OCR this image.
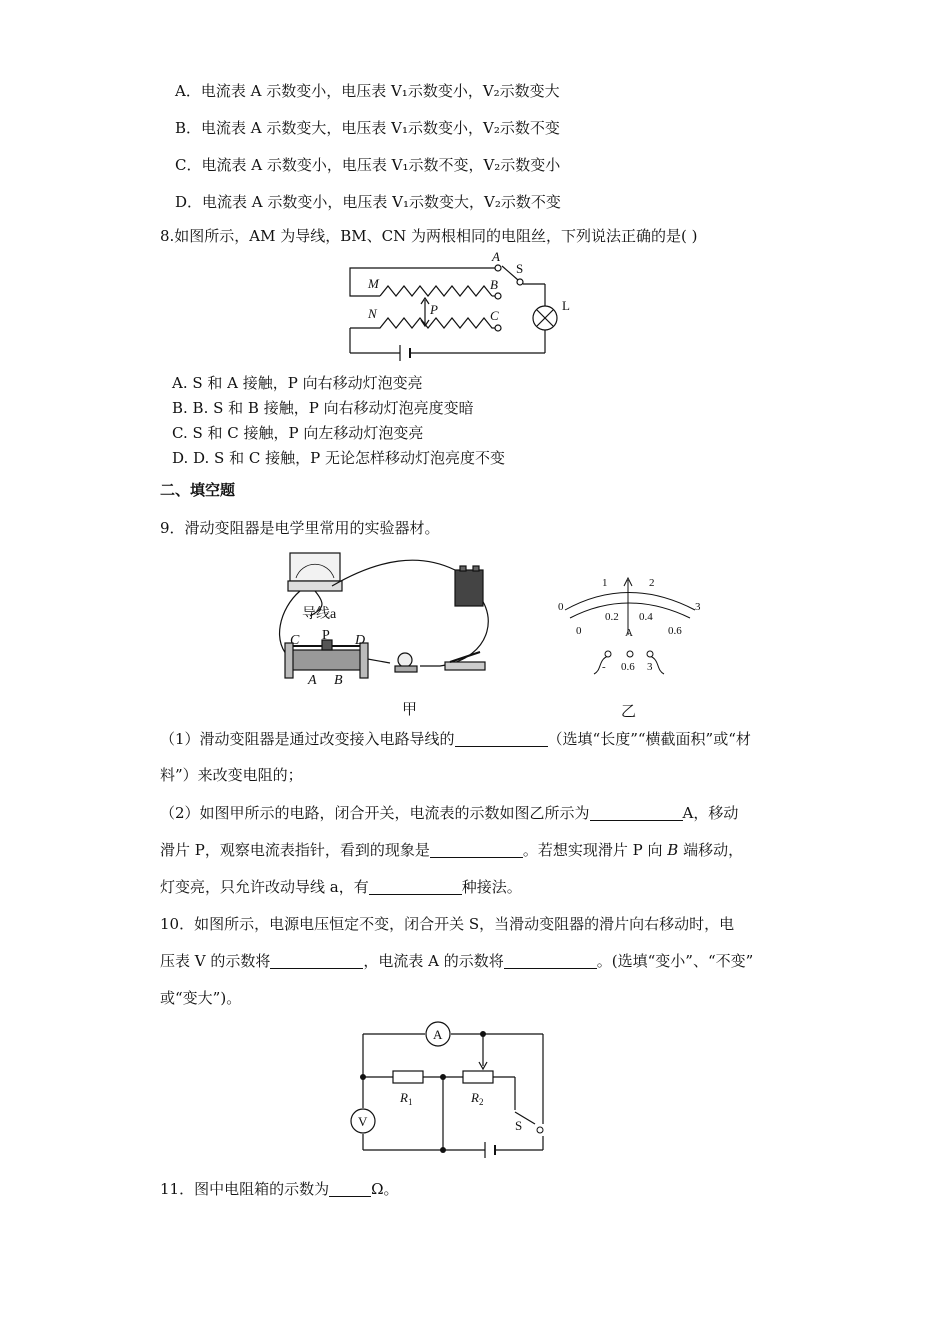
A．电流表 A 示数变小，电压表 V₁示数变小，V₂示数变大
B．电流表 A 示数变大，电压表 V₁示数变小，V₂示数不变
C．电流表 A 示数变小，电压表 V₁示数不变，V₂示数变小
D．电流表 A 示数变小，电压表 V₁示数变大，V₂示数不变
8.如图所示，AM 为导线，BM、CN 为两根相同的电阻丝，下列说法正确的是( )
A
B
C
S
L
M
N	P
A. S 和 A 接触，P 向右移动灯泡变亮
B. B. S 和 B 接触，P 向右移动灯泡亮度变暗
C. S 和 C 接触，P 向左移动灯泡变亮
D. D. S 和 C 接触，P 无论怎样移动灯泡亮度不变
二、填空题
9．滑动变阻器是电学里常用的实验器材。
导线a
C P D
A B
甲
1	2
0	3
0
0.2 0.4
0.6
A
- 0.6 3
乙
（1）滑动变阻器是通过改变接入电路导线的	（选填“长度”“横截面积”或“材
料”）来改变电阻的；
（2）如图甲所示的电路，闭合开关，电流表的示数如图乙所示为	A，移动
滑片 P，观察电流表指针，看到的现象是	。若想实现滑片 P 向 B 端移动，
灯变亮，只允许改动导线 a，有	种接法。
10．如图所示，电源电压恒定不变，闭合开关 S，当滑动变阻器的滑片向右移动时，电
压表 V 的示数将	，电流表 A 的示数将	。(选填“变小”、“不变”
或“变大”)。
A
V
$R_1$	$R_2$
S
11．图中电阻箱的示数为	Ω。
